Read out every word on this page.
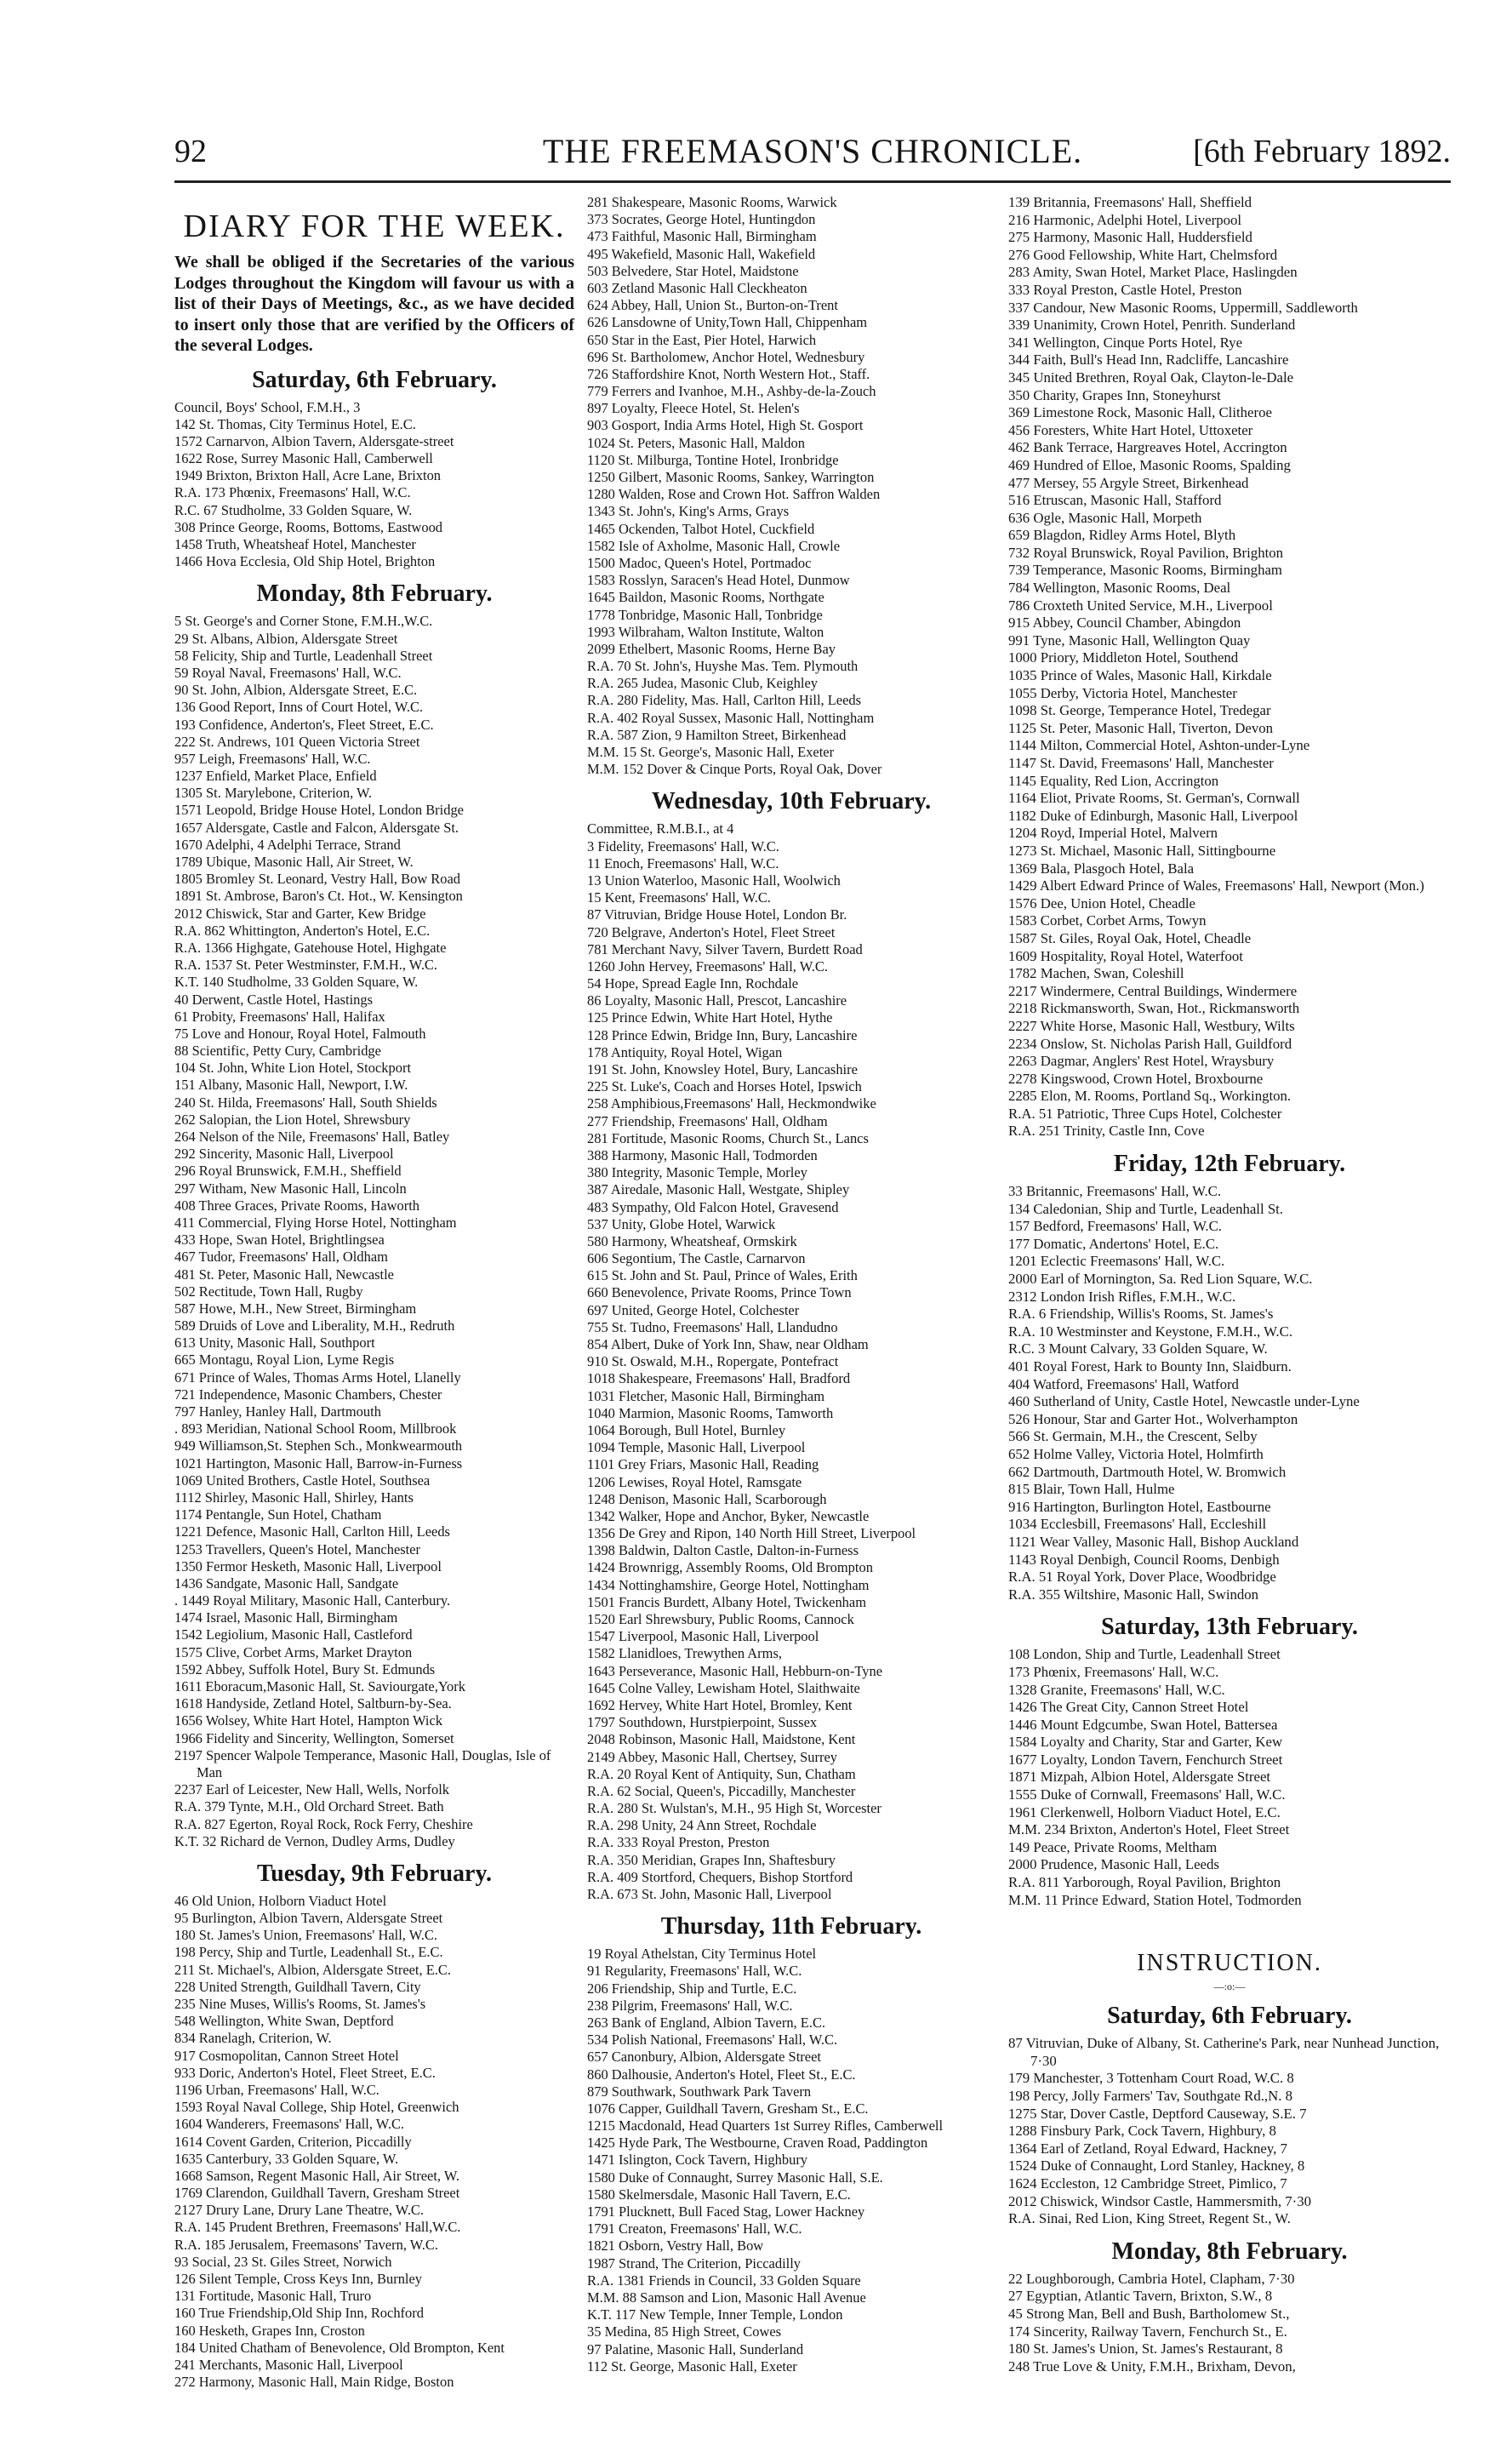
92	THE FREEMASON'S CHRONICLE.	[6th February 1892.
DIARY FOR THE WEEK.
We shall be obliged if the Secretaries of the various Lodges throughout the Kingdom will favour us with a list of their Days of Meetings, &c., as we have decided to insert only those that are verified by the Officers of the several Lodges.
Saturday, 6th February.
Council, Boys' School, F.M.H., 3
142 St. Thomas, City Terminus Hotel, E.C.
1572 Carnarvon, Albion Tavern, Aldersgate-street
1622 Rose, Surrey Masonic Hall, Camberwell
1949 Brixton, Brixton Hall, Acre Lane, Brixton
R.A. 173 Phœnix, Freemasons' Hall, W.C.
R.C. 67 Studholme, 33 Golden Square, W.
308 Prince George, Rooms, Bottoms, Eastwood
1458 Truth, Wheatsheaf Hotel, Manchester
1466 Hova Ecclesia, Old Ship Hotel, Brighton
Monday, 8th February.
5 St. George's and Corner Stone, F.M.H.,W.C.
29 St. Albans, Albion, Aldersgate Street
58 Felicity, Ship and Turtle, Leadenhall Street
59 Royal Naval, Freemasons' Hall, W.C.
90 St. John, Albion, Aldersgate Street, E.C.
136 Good Report, Inns of Court Hotel, W.C.
193 Confidence, Anderton's, Fleet Street, E.C.
222 St. Andrews, 101 Queen Victoria Street
957 Leigh, Freemasons' Hall, W.C.
1237 Enfield, Market Place, Enfield
1305 St. Marylebone, Criterion, W.
1571 Leopold, Bridge House Hotel, London Bridge
1657 Aldersgate, Castle and Falcon, Aldersgate St.
1670 Adelphi, 4 Adelphi Terrace, Strand
1789 Ubique, Masonic Hall, Air Street, W.
1805 Bromley St. Leonard, Vestry Hall, Bow Road
1891 St. Ambrose, Baron's Ct. Hot., W. Kensington
2012 Chiswick, Star and Garter, Kew Bridge
R.A. 862 Whittington, Anderton's Hotel, E.C.
R.A. 1366 Highgate, Gatehouse Hotel, Highgate
R.A. 1537 St. Peter Westminster, F.M.H., W.C.
K.T. 140 Studholme, 33 Golden Square, W.
40 Derwent, Castle Hotel, Hastings
61 Probity, Freemasons' Hall, Halifax
75 Love and Honour, Royal Hotel, Falmouth
88 Scientific, Petty Cury, Cambridge
104 St. John, White Lion Hotel, Stockport
151 Albany, Masonic Hall, Newport, I.W.
240 St. Hilda, Freemasons' Hall, South Shields
262 Salopian, the Lion Hotel, Shrewsbury
264 Nelson of the Nile, Freemasons' Hall, Batley
292 Sincerity, Masonic Hall, Liverpool
296 Royal Brunswick, F.M.H., Sheffield
297 Witham, New Masonic Hall, Lincoln
408 Three Graces, Private Rooms, Haworth
411 Commercial, Flying Horse Hotel, Nottingham
433 Hope, Swan Hotel, Brightlingsea
467 Tudor, Freemasons' Hall, Oldham
481 St. Peter, Masonic Hall, Newcastle
502 Rectitude, Town Hall, Rugby
587 Howe, M.H., New Street, Birmingham
589 Druids of Love and Liberality, M.H., Redruth
613 Unity, Masonic Hall, Southport
665 Montagu, Royal Lion, Lyme Regis
671 Prince of Wales, Thomas Arms Hotel, Llanelly
721 Independence, Masonic Chambers, Chester
797 Hanley, Hanley Hall, Dartmouth
. 893 Meridian, National School Room, Millbrook
949 Williamson,St. Stephen Sch., Monkwearmouth
1021 Hartington, Masonic Hall, Barrow-in-Furness
1069 United Brothers, Castle Hotel, Southsea
1112 Shirley, Masonic Hall, Shirley, Hants
1174 Pentangle, Sun Hotel, Chatham
1221 Defence, Masonic Hall, Carlton Hill, Leeds
1253 Travellers, Queen's Hotel, Manchester
1350 Fermor Hesketh, Masonic Hall, Liverpool
1436 Sandgate, Masonic Hall, Sandgate
. 1449 Royal Military, Masonic Hall, Canterbury.
1474 Israel, Masonic Hall, Birmingham
1542 Legiolium, Masonic Hall, Castleford
1575 Clive, Corbet Arms, Market Drayton
1592 Abbey, Suffolk Hotel, Bury St. Edmunds
1611 Eboracum,Masonic Hall, St. Saviourgate,York
1618 Handyside, Zetland Hotel, Saltburn-by-Sea.
1656 Wolsey, White Hart Hotel, Hampton Wick
1966 Fidelity and Sincerity, Wellington, Somerset
2197 Spencer Walpole Temperance, Masonic Hall, Douglas, Isle of Man
2237 Earl of Leicester, New Hall, Wells, Norfolk
R.A. 379 Tynte, M.H., Old Orchard Street. Bath
R.A. 827 Egerton, Royal Rock, Rock Ferry, Cheshire
K.T. 32 Richard de Vernon, Dudley Arms, Dudley
Tuesday, 9th February.
46 Old Union, Holborn Viaduct Hotel
95 Burlington, Albion Tavern, Aldersgate Street
180 St. James's Union, Freemasons' Hall, W.C.
198 Percy, Ship and Turtle, Leadenhall St., E.C.
211 St. Michael's, Albion, Aldersgate Street, E.C.
228 United Strength, Guildhall Tavern, City
235 Nine Muses, Willis's Rooms, St. James's
548 Wellington, White Swan, Deptford
834 Ranelagh, Criterion, W.
917 Cosmopolitan, Cannon Street Hotel
933 Doric, Anderton's Hotel, Fleet Street, E.C.
1196 Urban, Freemasons' Hall, W.C.
1593 Royal Naval College, Ship Hotel, Greenwich
1604 Wanderers, Freemasons' Hall, W.C.
1614 Covent Garden, Criterion, Piccadilly
1635 Canterbury, 33 Golden Square, W.
1668 Samson, Regent Masonic Hall, Air Street, W.
1769 Clarendon, Guildhall Tavern, Gresham Street
2127 Drury Lane, Drury Lane Theatre, W.C.
R.A. 145 Prudent Brethren, Freemasons' Hall,W.C.
R.A. 185 Jerusalem, Freemasons' Tavern, W.C.
93 Social, 23 St. Giles Street, Norwich
126 Silent Temple, Cross Keys Inn, Burnley
131 Fortitude, Masonic Hall, Truro
160 True Friendship,Old Ship Inn, Rochford
160 Hesketh, Grapes Inn, Croston
184 United Chatham of Benevolence, Old Brompton, Kent
241 Merchants, Masonic Hall, Liverpool
272 Harmony, Masonic Hall, Main Ridge, Boston
281 Shakespeare, Masonic Rooms, Warwick
373 Socrates, George Hotel, Huntingdon
473 Faithful, Masonic Hall, Birmingham
495 Wakefield, Masonic Hall, Wakefield
503 Belvedere, Star Hotel, Maidstone
603 Zetland Masonic Hall Cleckheaton
624 Abbey, Hall, Union St., Burton-on-Trent
626 Lansdowne of Unity,Town Hall, Chippenham
650 Star in the East, Pier Hotel, Harwich
696 St. Bartholomew, Anchor Hotel, Wednesbury
726 Staffordshire Knot, North Western Hot., Staff.
779 Ferrers and Ivanhoe, M.H., Ashby-de-la-Zouch
897 Loyalty, Fleece Hotel, St. Helen's
903 Gosport, India Arms Hotel, High St. Gosport
1024 St. Peters, Masonic Hall, Maldon
1120 St. Milburga, Tontine Hotel, Ironbridge
1250 Gilbert, Masonic Rooms, Sankey, Warrington
1280 Walden, Rose and Crown Hot. Saffron Walden
1343 St. John's, King's Arms, Grays
1465 Ockenden, Talbot Hotel, Cuckfield
1582 Isle of Axholme, Masonic Hall, Crowle
1500 Madoc, Queen's Hotel, Portmadoc
1583 Rosslyn, Saracen's Head Hotel, Dunmow
1645 Baildon, Masonic Rooms, Northgate
1778 Tonbridge, Masonic Hall, Tonbridge
1993 Wilbraham, Walton Institute, Walton
2099 Ethelbert, Masonic Rooms, Herne Bay
R.A. 70 St. John's, Huyshe Mas. Tem. Plymouth
R.A. 265 Judea, Masonic Club, Keighley
R.A. 280 Fidelity, Mas. Hall, Carlton Hill, Leeds
R.A. 402 Royal Sussex, Masonic Hall, Nottingham
R.A. 587 Zion, 9 Hamilton Street, Birkenhead
M.M. 15 St. George's, Masonic Hall, Exeter
M.M. 152 Dover & Cinque Ports, Royal Oak, Dover
Wednesday, 10th February.
Committee, R.M.B.I., at 4
3 Fidelity, Freemasons' Hall, W.C.
11 Enoch, Freemasons' Hall, W.C.
13 Union Waterloo, Masonic Hall, Woolwich
15 Kent, Freemasons' Hall, W.C.
87 Vitruvian, Bridge House Hotel, London Br.
720 Belgrave, Anderton's Hotel, Fleet Street
781 Merchant Navy, Silver Tavern, Burdett Road
1260 John Hervey, Freemasons' Hall, W.C.
54 Hope, Spread Eagle Inn, Rochdale
86 Loyalty, Masonic Hall, Prescot, Lancashire
125 Prince Edwin, White Hart Hotel, Hythe
128 Prince Edwin, Bridge Inn, Bury, Lancashire
178 Antiquity, Royal Hotel, Wigan
191 St. John, Knowsley Hotel, Bury, Lancashire
225 St. Luke's, Coach and Horses Hotel, Ipswich
258 Amphibious,Freemasons' Hall, Heckmondwike
277 Friendship, Freemasons' Hall, Oldham
281 Fortitude, Masonic Rooms, Church St., Lancs
388 Harmony, Masonic Hall, Todmorden
380 Integrity, Masonic Temple, Morley
387 Airedale, Masonic Hall, Westgate, Shipley
483 Sympathy, Old Falcon Hotel, Gravesend
537 Unity, Globe Hotel, Warwick
580 Harmony, Wheatsheaf, Ormskirk
606 Segontium, The Castle, Carnarvon
615 St. John and St. Paul, Prince of Wales, Erith
660 Benevolence, Private Rooms, Prince Town
697 United, George Hotel, Colchester
755 St. Tudno, Freemasons' Hall, Llandudno
854 Albert, Duke of York Inn, Shaw, near Oldham
910 St. Oswald, M.H., Ropergate, Pontefract
1018 Shakespeare, Freemasons' Hall, Bradford
1031 Fletcher, Masonic Hall, Birmingham
1040 Marmion, Masonic Rooms, Tamworth
1064 Borough, Bull Hotel, Burnley
1094 Temple, Masonic Hall, Liverpool
1101 Grey Friars, Masonic Hall, Reading
1206 Lewises, Royal Hotel, Ramsgate
1248 Denison, Masonic Hall, Scarborough
1342 Walker, Hope and Anchor, Byker, Newcastle
1356 De Grey and Ripon, 140 North Hill Street, Liverpool
1398 Baldwin, Dalton Castle, Dalton-in-Furness
1424 Brownrigg, Assembly Rooms, Old Brompton
1434 Nottinghamshire, George Hotel, Nottingham
1501 Francis Burdett, Albany Hotel, Twickenham
1520 Earl Shrewsbury, Public Rooms, Cannock
1547 Liverpool, Masonic Hall, Liverpool
1582 Llanidloes, Trewythen Arms,
1643 Perseverance, Masonic Hall, Hebburn-on-Tyne
1645 Colne Valley, Lewisham Hotel, Slaithwaite
1692 Hervey, White Hart Hotel, Bromley, Kent
1797 Southdown, Hurstpierpoint, Sussex
2048 Robinson, Masonic Hall, Maidstone, Kent
2149 Abbey, Masonic Hall, Chertsey, Surrey
R.A. 20 Royal Kent of Antiquity, Sun, Chatham
R.A. 62 Social, Queen's, Piccadilly, Manchester
R.A. 280 St. Wulstan's, M.H., 95 High St, Worcester
R.A. 298 Unity, 24 Ann Street, Rochdale
R.A. 333 Royal Preston, Preston
R.A. 350 Meridian, Grapes Inn, Shaftesbury
R.A. 409 Stortford, Chequers, Bishop Stortford
R.A. 673 St. John, Masonic Hall, Liverpool
Thursday, 11th February.
19 Royal Athelstan, City Terminus Hotel
91 Regularity, Freemasons' Hall, W.C.
206 Friendship, Ship and Turtle, E.C.
238 Pilgrim, Freemasons' Hall, W.C.
263 Bank of England, Albion Tavern, E.C.
534 Polish National, Freemasons' Hall, W.C.
657 Canonbury, Albion, Aldersgate Street
860 Dalhousie, Anderton's Hotel, Fleet St., E.C.
879 Southwark, Southwark Park Tavern
1076 Capper, Guildhall Tavern, Gresham St., E.C.
1215 Macdonald, Head Quarters 1st Surrey Rifles, Camberwell
1425 Hyde Park, The Westbourne, Craven Road, Paddington
1471 Islington, Cock Tavern, Highbury
1580 Duke of Connaught, Surrey Masonic Hall, S.E.
1580 Skelmersdale, Masonic Hall Tavern, E.C.
1791 Plucknett, Bull Faced Stag, Lower Hackney
1791 Creaton, Freemasons' Hall, W.C.
1821 Osborn, Vestry Hall, Bow
1987 Strand, The Criterion, Piccadilly
R.A. 1381 Friends in Council, 33 Golden Square
M.M. 88 Samson and Lion, Masonic Hall Avenue
K.T. 117 New Temple, Inner Temple, London
35 Medina, 85 High Street, Cowes
97 Palatine, Masonic Hall, Sunderland
112 St. George, Masonic Hall, Exeter
139 Britannia, Freemasons' Hall, Sheffield
216 Harmonic, Adelphi Hotel, Liverpool
275 Harmony, Masonic Hall, Huddersfield
276 Good Fellowship, White Hart, Chelmsford
283 Amity, Swan Hotel, Market Place, Haslingden
333 Royal Preston, Castle Hotel, Preston
337 Candour, New Masonic Rooms, Uppermill, Saddleworth
339 Unanimity, Crown Hotel, Penrith. Sunderland
341 Wellington, Cinque Ports Hotel, Rye
344 Faith, Bull's Head Inn, Radcliffe, Lancashire
345 United Brethren, Royal Oak, Clayton-le-Dale
350 Charity, Grapes Inn, Stoneyhurst
369 Limestone Rock, Masonic Hall, Clitheroe
456 Foresters, White Hart Hotel, Uttoxeter
462 Bank Terrace, Hargreaves Hotel, Accrington
469 Hundred of Elloe, Masonic Rooms, Spalding
477 Mersey, 55 Argyle Street, Birkenhead
516 Etruscan, Masonic Hall, Stafford
636 Ogle, Masonic Hall, Morpeth
659 Blagdon, Ridley Arms Hotel, Blyth
732 Royal Brunswick, Royal Pavilion, Brighton
739 Temperance, Masonic Rooms, Birmingham
784 Wellington, Masonic Rooms, Deal
786 Croxteth United Service, M.H., Liverpool
915 Abbey, Council Chamber, Abingdon
991 Tyne, Masonic Hall, Wellington Quay
1000 Priory, Middleton Hotel, Southend
1035 Prince of Wales, Masonic Hall, Kirkdale
1055 Derby, Victoria Hotel, Manchester
1098 St. George, Temperance Hotel, Tredegar
1125 St. Peter, Masonic Hall, Tiverton, Devon
1144 Milton, Commercial Hotel, Ashton-under-Lyne
1147 St. David, Freemasons' Hall, Manchester
1145 Equality, Red Lion, Accrington
1164 Eliot, Private Rooms, St. German's, Cornwall
1182 Duke of Edinburgh, Masonic Hall, Liverpool
1204 Royd, Imperial Hotel, Malvern
1273 St. Michael, Masonic Hall, Sittingbourne
1369 Bala, Plasgoch Hotel, Bala
1429 Albert Edward Prince of Wales, Freemasons' Hall, Newport (Mon.)
1576 Dee, Union Hotel, Cheadle
1583 Corbet, Corbet Arms, Towyn
1587 St. Giles, Royal Oak, Hotel, Cheadle
1609 Hospitality, Royal Hotel, Waterfoot
1782 Machen, Swan, Coleshill
2217 Windermere, Central Buildings, Windermere
2218 Rickmansworth, Swan, Hot., Rickmansworth
2227 White Horse, Masonic Hall, Westbury, Wilts
2234 Onslow, St. Nicholas Parish Hall, Guildford
2263 Dagmar, Anglers' Rest Hotel, Wraysbury
2278 Kingswood, Crown Hotel, Broxbourne
2285 Elon, M. Rooms, Portland Sq., Workington.
R.A. 51 Patriotic, Three Cups Hotel, Colchester
R.A. 251 Trinity, Castle Inn, Cove
Friday, 12th February.
33 Britannic, Freemasons' Hall, W.C.
134 Caledonian, Ship and Turtle, Leadenhall St.
157 Bedford, Freemasons' Hall, W.C.
177 Domatic, Andertons' Hotel, E.C.
1201 Eclectic Freemasons' Hall, W.C.
2000 Earl of Mornington, Sa. Red Lion Square, W.C.
2312 London Irish Rifles, F.M.H., W.C.
R.A. 6 Friendship, Willis's Rooms, St. James's
R.A. 10 Westminster and Keystone, F.M.H., W.C.
R.C. 3 Mount Calvary, 33 Golden Square, W.
401 Royal Forest, Hark to Bounty Inn, Slaidburn.
404 Watford, Freemasons' Hall, Watford
460 Sutherland of Unity, Castle Hotel, Newcastle under-Lyne
526 Honour, Star and Garter Hot., Wolverhampton
566 St. Germain, M.H., the Crescent, Selby
652 Holme Valley, Victoria Hotel, Holmfirth
662 Dartmouth, Dartmouth Hotel, W. Bromwich
815 Blair, Town Hall, Hulme
916 Hartington, Burlington Hotel, Eastbourne
1034 Ecclesbill, Freemasons' Hall, Eccleshill
1121 Wear Valley, Masonic Hall, Bishop Auckland
1143 Royal Denbigh, Council Rooms, Denbigh
R.A. 51 Royal York, Dover Place, Woodbridge
R.A. 355 Wiltshire, Masonic Hall, Swindon
Saturday, 13th February.
108 London, Ship and Turtle, Leadenhall Street
173 Phœnix, Freemasons' Hall, W.C.
1328 Granite, Freemasons' Hall, W.C.
1426 The Great City, Cannon Street Hotel
1446 Mount Edgcumbe, Swan Hotel, Battersea
1584 Loyalty and Charity, Star and Garter, Kew
1677 Loyalty, London Tavern, Fenchurch Street
1871 Mizpah, Albion Hotel, Aldersgate Street
1555 Duke of Cornwall, Freemasons' Hall, W.C.
1961 Clerkenwell, Holborn Viaduct Hotel, E.C.
M.M. 234 Brixton, Anderton's Hotel, Fleet Street
149 Peace, Private Rooms, Meltham
2000 Prudence, Masonic Hall, Leeds
R.A. 811 Yarborough, Royal Pavilion, Brighton
M.M. 11 Prince Edward, Station Hotel, Todmorden
INSTRUCTION.
—:o:—
Saturday, 6th February.
87 Vitruvian, Duke of Albany, St. Catherine's Park, near Nunhead Junction, 7·30
179 Manchester, 3 Tottenham Court Road, W.C. 8
198 Percy, Jolly Farmers' Tav, Southgate Rd.,N. 8
1275 Star, Dover Castle, Deptford Causeway, S.E. 7
1288 Finsbury Park, Cock Tavern, Highbury, 8
1364 Earl of Zetland, Royal Edward, Hackney, 7
1524 Duke of Connaught, Lord Stanley, Hackney, 8
1624 Eccleston, 12 Cambridge Street, Pimlico, 7
2012 Chiswick, Windsor Castle, Hammersmith, 7·30
R.A. Sinai, Red Lion, King Street, Regent St., W.
Monday, 8th February.
22 Loughborough, Cambria Hotel, Clapham, 7·30
27 Egyptian, Atlantic Tavern, Brixton, S.W., 8
45 Strong Man, Bell and Bush, Bartholomew St.,
174 Sincerity, Railway Tavern, Fenchurch St., E.
180 St. James's Union, St. James's Restaurant, 8
248 True Love & Unity, F.M.H., Brixham, Devon,
